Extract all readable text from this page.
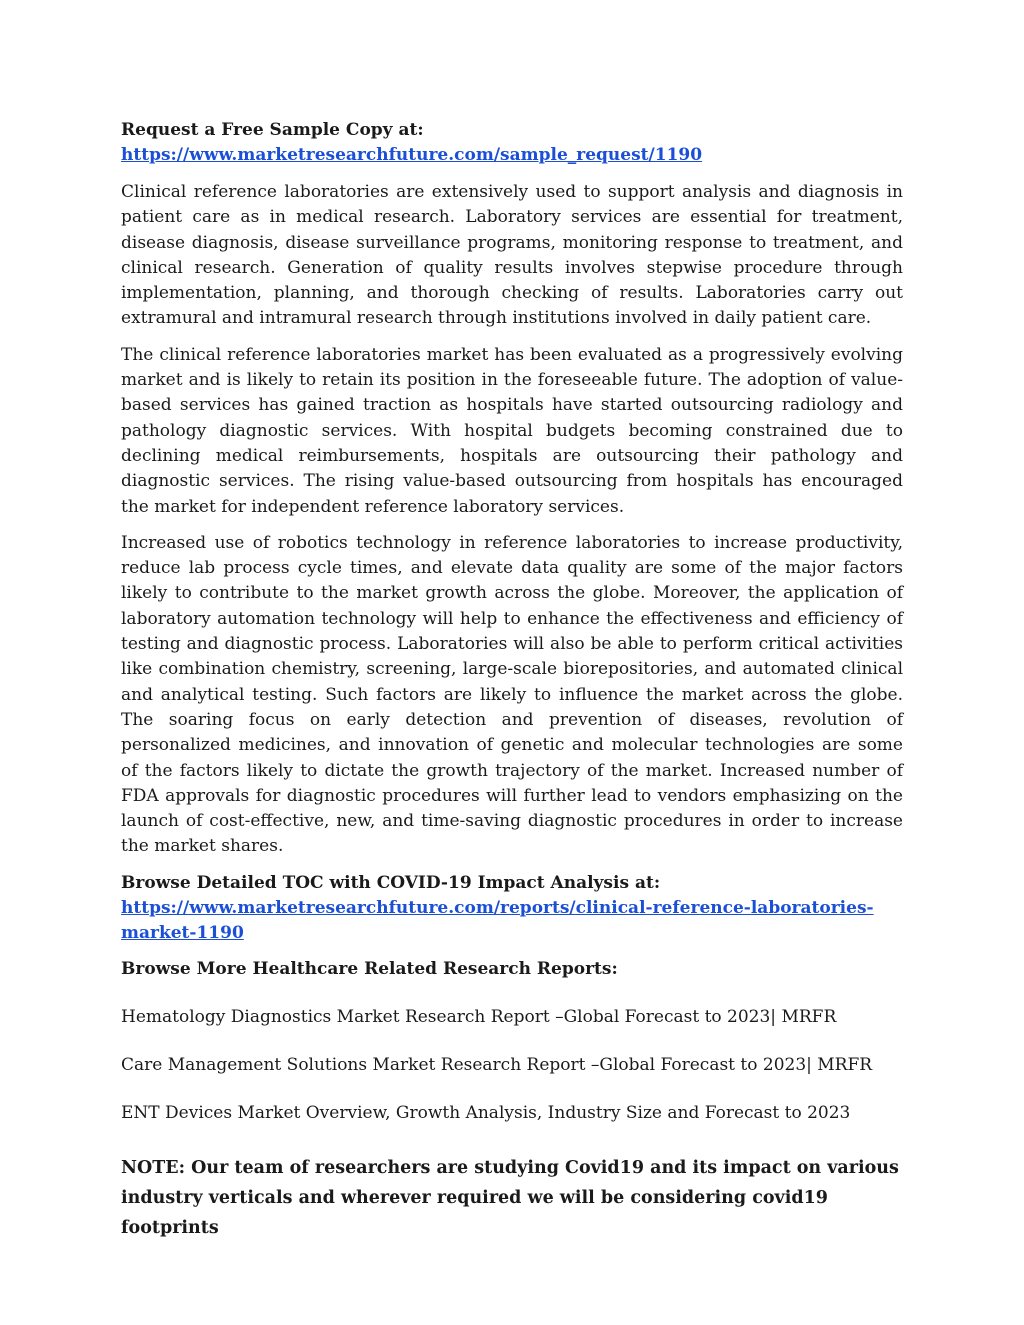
Request a Free Sample Copy at:

https://www.marketresearchfuture.com/sample_request/1190

Clinical reference laboratories are extensively used to support analysis and diagnosis in patient care as in medical research. Laboratory services are essential for treatment, disease diagnosis, disease surveillance programs, monitoring response to treatment, and clinical research. Generation of quality results involves stepwise procedure through implementation, planning, and thorough checking of results. Laboratories carry out extramural and intramural research through institutions involved in daily patient care.

The clinical reference laboratories market has been evaluated as a progressively evolving market and is likely to retain its position in the foreseeable future. The adoption of value-based services has gained traction as hospitals have started outsourcing radiology and pathology diagnostic services. With hospital budgets becoming constrained due to declining medical reimbursements, hospitals are outsourcing their pathology and diagnostic services. The rising value-based outsourcing from hospitals has encouraged the market for independent reference laboratory services.

Increased use of robotics technology in reference laboratories to increase productivity, reduce lab process cycle times, and elevate data quality are some of the major factors likely to contribute to the market growth across the globe. Moreover, the application of laboratory automation technology will help to enhance the effectiveness and efficiency of testing and diagnostic process. Laboratories will also be able to perform critical activities like combination chemistry, screening, large-scale biorepositories, and automated clinical and analytical testing. Such factors are likely to influence the market across the globe. The soaring focus on early detection and prevention of diseases, revolution of personalized medicines, and innovation of genetic and molecular technologies are some of the factors likely to dictate the growth trajectory of the market. Increased number of FDA approvals for diagnostic procedures will further lead to vendors emphasizing on the launch of cost-effective, new, and time-saving diagnostic procedures in order to increase the market shares.

Browse Detailed TOC with COVID-19 Impact Analysis at:

https://www.marketresearchfuture.com/reports/clinical-reference-laboratories-market-1190

Browse More Healthcare Related Research Reports:

Hematology Diagnostics Market Research Report –Global Forecast to 2023| MRFR
Care Management Solutions Market Research Report –Global Forecast to 2023| MRFR
ENT Devices Market Overview, Growth Analysis, Industry Size and Forecast to 2023

NOTE: Our team of researchers are studying Covid19 and its impact on various industry verticals and wherever required we will be considering covid19 footprints
